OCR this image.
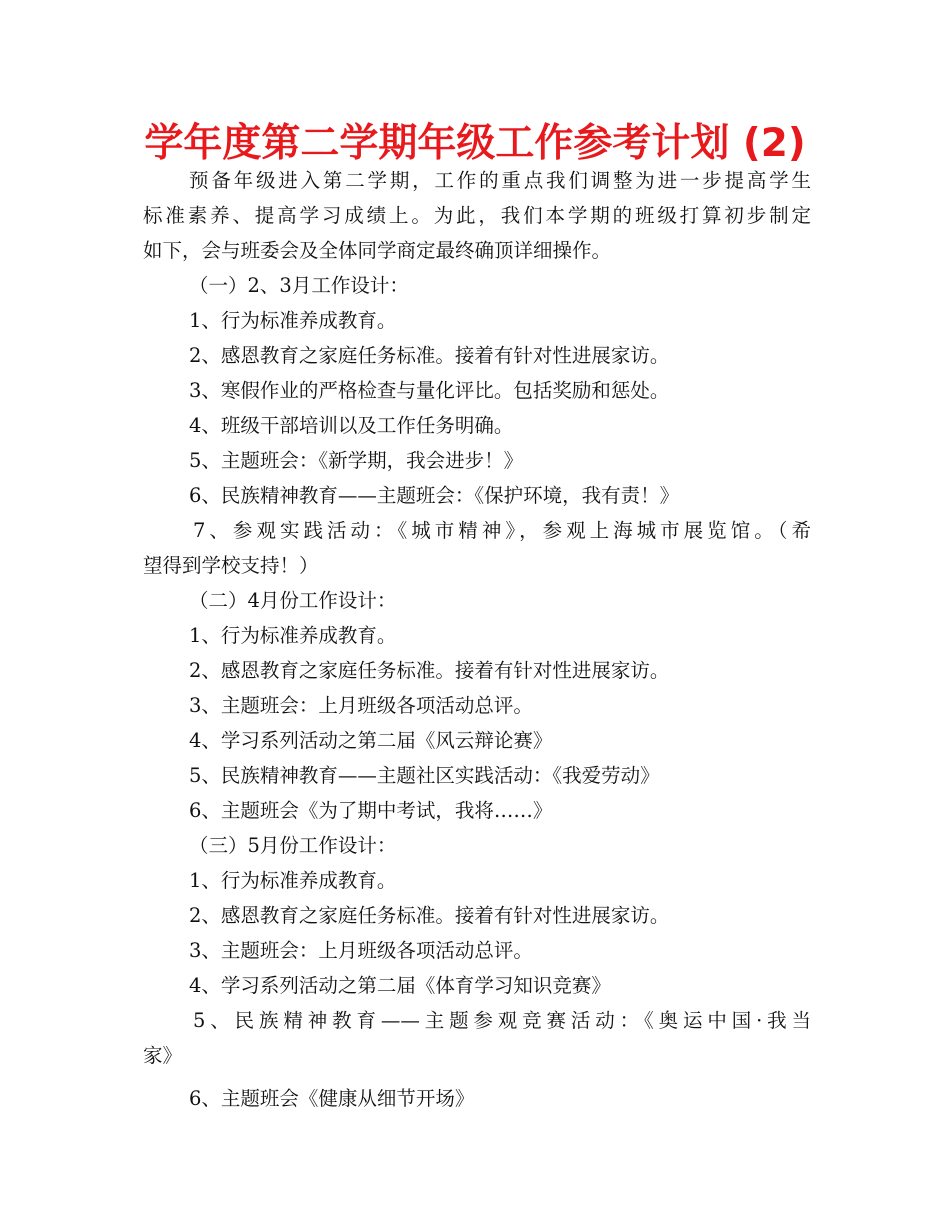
学年度第二学期年级工作参考计划 (2)

预备年级进入第二学期，工作的重点我们调整为进一步提高学生

标准素养、提高学习成绩上。为此，我们本学期的班级打算初步制定

如下，会与班委会及全体同学商定最终确顶详细操作。

（一）2、3月工作设计：

1、行为标准养成教育。

2、感恩教育之家庭任务标准。接着有针对性进展家访。

3、寒假作业的严格检查与量化评比。包括奖励和惩处。

4、班级干部培训以及工作任务明确。

5、主题班会：《新学期，我会进步！》

6、民族精神教育——主题班会：《保护环境，我有责！》

7、参观实践活动：《城市精神》，参观上海城市展览馆。（希

望得到学校支持！）

（二）4月份工作设计：

1、行为标准养成教育。

2、感恩教育之家庭任务标准。接着有针对性进展家访。

3、主题班会：上月班级各项活动总评。

4、学习系列活动之第二届《风云辩论赛》

5、民族精神教育——主题社区实践活动：《我爱劳动》

6、主题班会《为了期中考试，我将……》

（三）5月份工作设计：

1、行为标准养成教育。

2、感恩教育之家庭任务标准。接着有针对性进展家访。

3、主题班会：上月班级各项活动总评。

4、学习系列活动之第二届《体育学习知识竞赛》

5、民族精神教育——主题参观竞赛活动：《奥运中国·我当

家》

6、主题班会《健康从细节开场》
